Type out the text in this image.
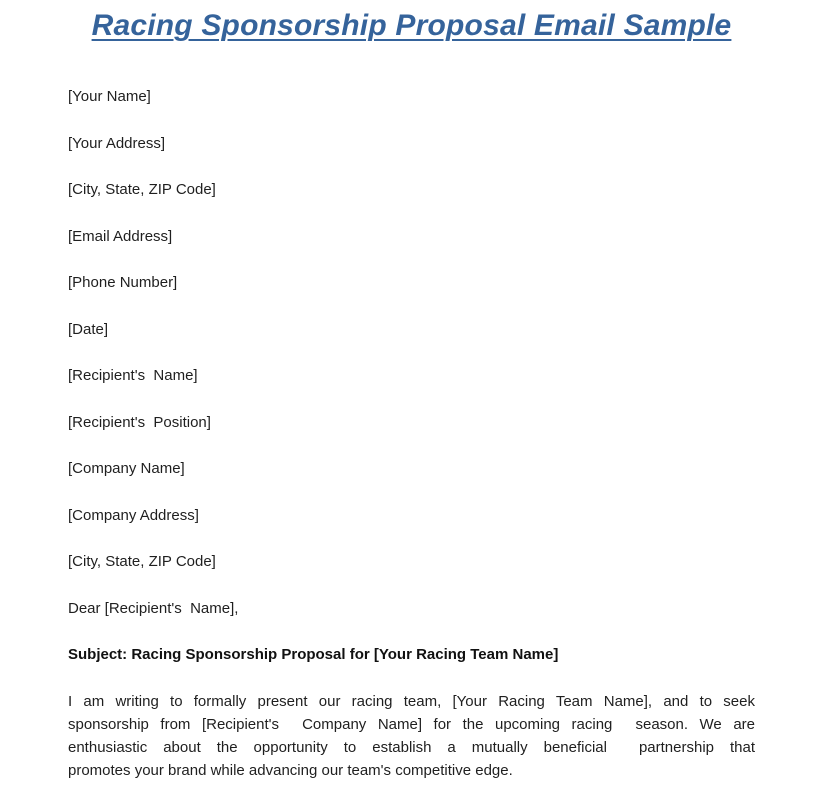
Racing Sponsorship Proposal Email Sample

[Your Name]

[Your Address]

[City, State, ZIP Code]

[Email Address]

[Phone Number]

[Date]

[Recipient's  Name]

[Recipient's  Position]

[Company Name]

[Company Address]

[City, State, ZIP Code]

Dear [Recipient's  Name],

Subject: Racing Sponsorship Proposal for [Your Racing Team Name]

I am writing to formally present our racing team, [Your Racing Team Name], and to seek
sponsorship from [Recipient's  Company Name] for the upcoming racing  season. We are
enthusiastic about the opportunity to establish a mutually beneficial  partnership that
promotes your brand while advancing our team's competitive edge.
